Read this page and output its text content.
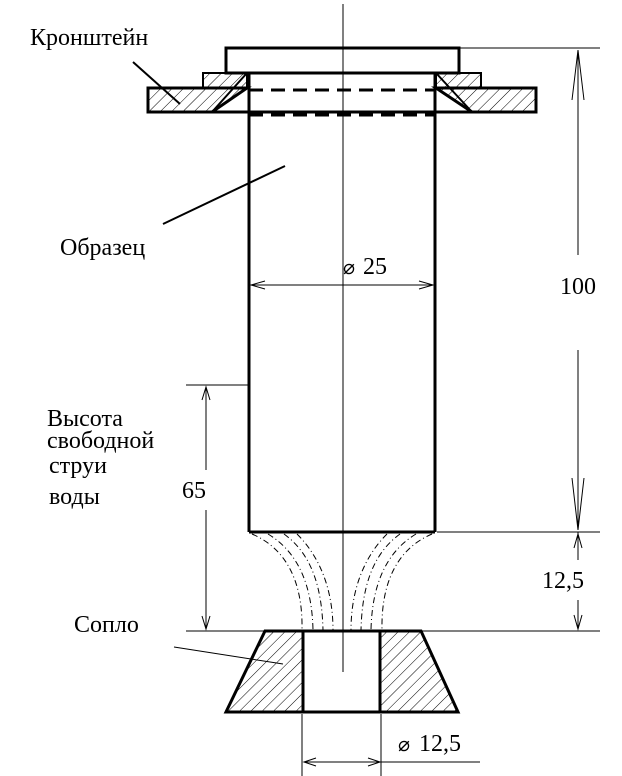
Кронштейн
Образец
Высота
свободной
струи
воды
Сопло
⌀ 25
100
65
12,5
⌀ 12,5
